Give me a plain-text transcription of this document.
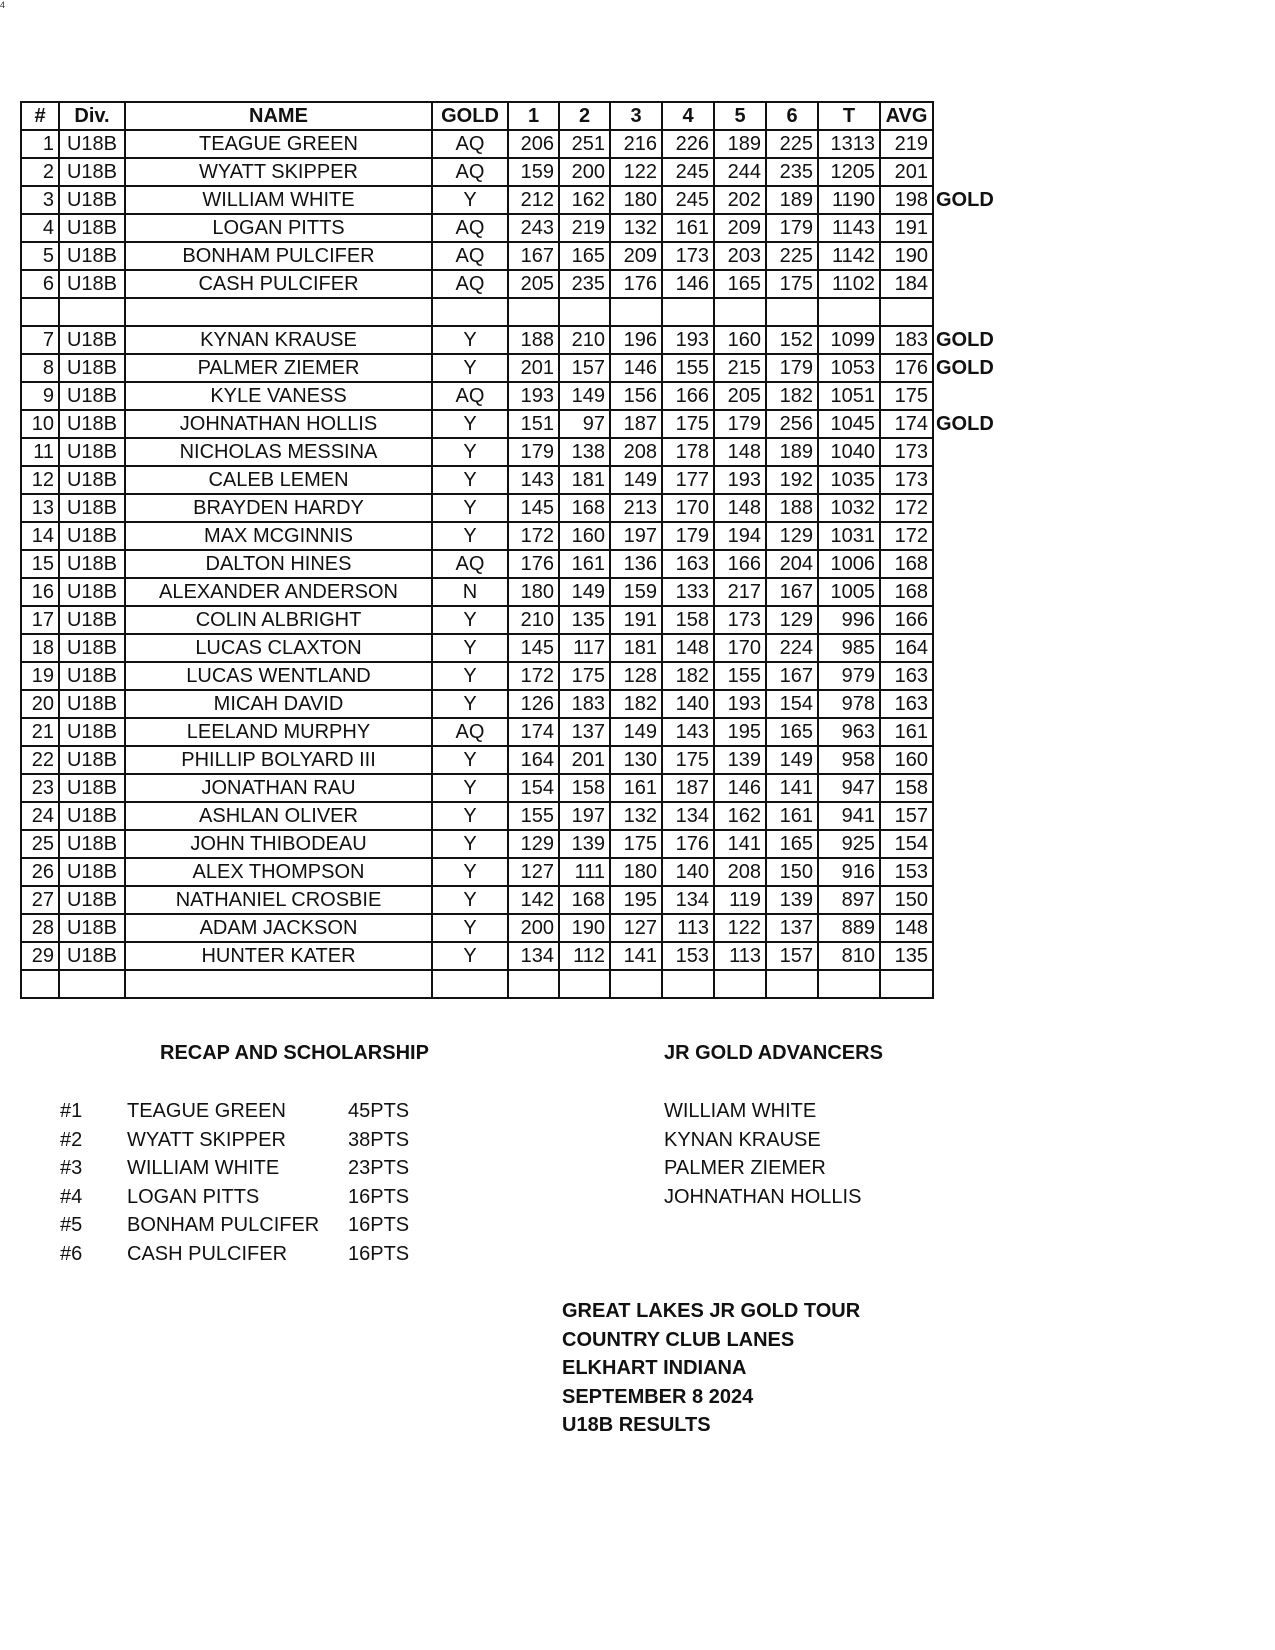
4
#	Div.	NAME	GOLD	1	2	3	4	5	6	T	AVG	
1	U18B	TEAGUE GREEN	AQ	206	251	216	226	189	225	1313	219	
2	U18B	WYATT SKIPPER	AQ	159	200	122	245	244	235	1205	201	
3	U18B	WILLIAM WHITE	Y	212	162	180	245	202	189	1190	198	GOLD
4	U18B	LOGAN PITTS	AQ	243	219	132	161	209	179	1143	191	
5	U18B	BONHAM PULCIFER	AQ	167	165	209	173	203	225	1142	190	
6	U18B	CASH PULCIFER	AQ	205	235	176	146	165	175	1102	184	

7	U18B	KYNAN KRAUSE	Y	188	210	196	193	160	152	1099	183	GOLD
8	U18B	PALMER ZIEMER	Y	201	157	146	155	215	179	1053	176	GOLD
9	U18B	KYLE VANESS	AQ	193	149	156	166	205	182	1051	175	
10	U18B	JOHNATHAN HOLLIS	Y	151	97	187	175	179	256	1045	174	GOLD
11	U18B	NICHOLAS MESSINA	Y	179	138	208	178	148	189	1040	173	
12	U18B	CALEB LEMEN	Y	143	181	149	177	193	192	1035	173	
13	U18B	BRAYDEN HARDY	Y	145	168	213	170	148	188	1032	172	
14	U18B	MAX MCGINNIS	Y	172	160	197	179	194	129	1031	172	
15	U18B	DALTON HINES	AQ	176	161	136	163	166	204	1006	168	
16	U18B	ALEXANDER ANDERSON	N	180	149	159	133	217	167	1005	168	
17	U18B	COLIN ALBRIGHT	Y	210	135	191	158	173	129	996	166	
18	U18B	LUCAS CLAXTON	Y	145	117	181	148	170	224	985	164	
19	U18B	LUCAS WENTLAND	Y	172	175	128	182	155	167	979	163	
20	U18B	MICAH DAVID	Y	126	183	182	140	193	154	978	163	
21	U18B	LEELAND MURPHY	AQ	174	137	149	143	195	165	963	161	
22	U18B	PHILLIP BOLYARD III	Y	164	201	130	175	139	149	958	160	
23	U18B	JONATHAN RAU	Y	154	158	161	187	146	141	947	158	
24	U18B	ASHLAN OLIVER	Y	155	197	132	134	162	161	941	157	
25	U18B	JOHN THIBODEAU	Y	129	139	175	176	141	165	925	154	
26	U18B	ALEX THOMPSON	Y	127	111	180	140	208	150	916	153	
27	U18B	NATHANIEL CROSBIE	Y	142	168	195	134	119	139	897	150	
28	U18B	ADAM JACKSON	Y	200	190	127	113	122	137	889	148	
29	U18B	HUNTER KATER	Y	134	112	141	153	113	157	810	135	

RECAP AND SCHOLARSHIP
#1 TEAGUE GREEN	45PTS
#2 WYATT SKIPPER	38PTS
#3 WILLIAM WHITE	23PTS
#4 LOGAN PITTS	16PTS
#5 BONHAM PULCIFER 16PTS
#6 CASH PULCIFER	16PTS
JR GOLD ADVANCERS
WILLIAM WHITE
KYNAN KRAUSE
PALMER ZIEMER
JOHNATHAN HOLLIS
GREAT LAKES JR GOLD TOUR
COUNTRY CLUB LANES
ELKHART INDIANA
SEPTEMBER 8 2024
U18B RESULTS
